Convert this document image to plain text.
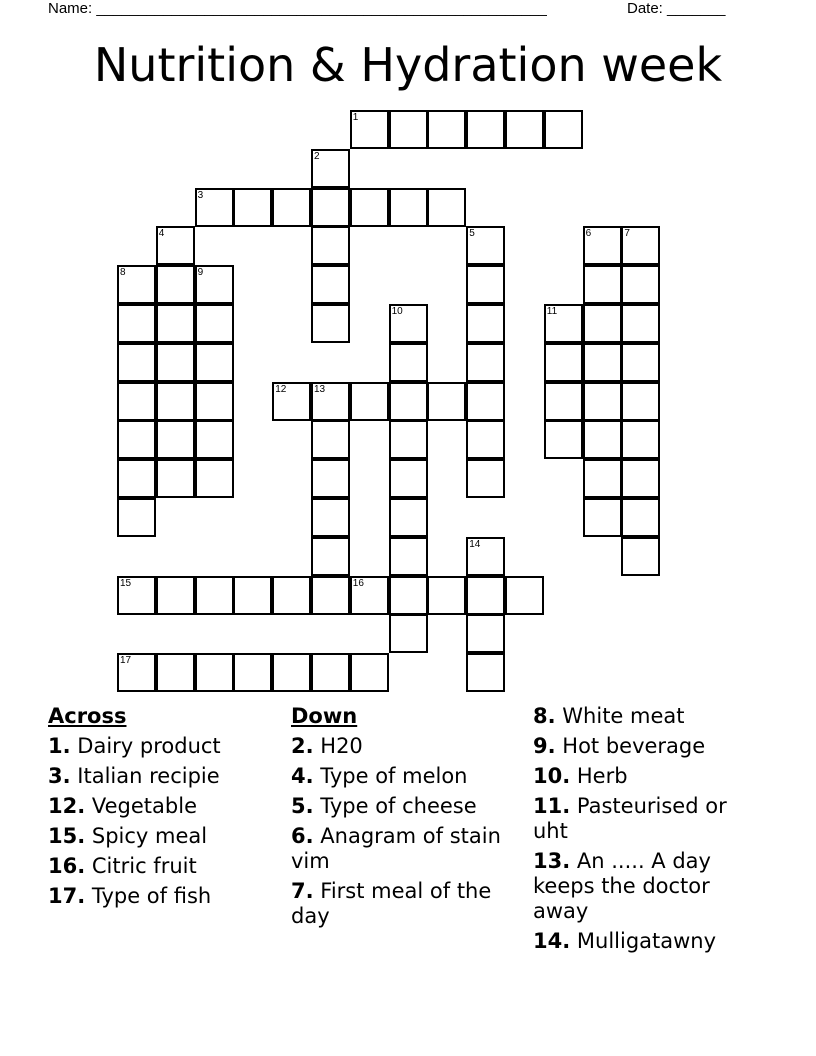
Name: ______________________________________________________	Date: _______
Nutrition & Hydration week
1
3
12
15	16
17
2
4	5	6	7
8	9
10	11
13
14
Across
1. Dairy product
3. Italian recipie
12. Vegetable
15. Spicy meal
16. Citric fruit
17. Type of fish
Down
2. H20
4. Type of melon
5. Type of cheese
6. Anagram of stain vim
7. First meal of the day
8. White meat
9. Hot beverage
10. Herb
11. Pasteurised or uht
13. An ..... A day keeps the doctor away
14. Mulligatawny
